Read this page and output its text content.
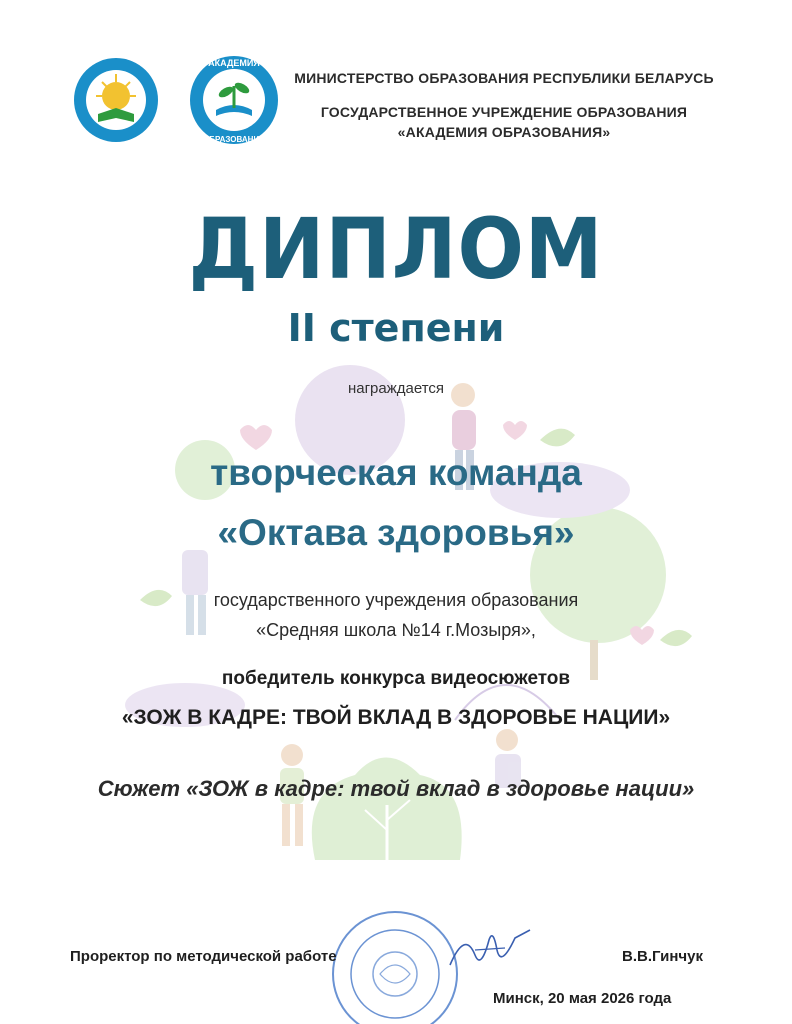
АКАДЕМИЯ
ОБРАЗОВАНИЯ
МИНИСТЕРСТВО ОБРАЗОВАНИЯ РЕСПУБЛИКИ БЕЛАРУСЬ
ГОСУДАРСТВЕННОЕ УЧРЕЖДЕНИЕ ОБРАЗОВАНИЯ
«АКАДЕМИЯ ОБРАЗОВАНИЯ»
ДИПЛОМ
II степени
награждается
творческая команда
«Октава здоровья»
государственного учреждения образования
«Средняя школа №14 г.Мозыря»,
победитель конкурса видеосюжетов
«ЗОЖ В КАДРЕ: ТВОЙ ВКЛАД В ЗДОРОВЬЕ НАЦИИ»
Сюжет «ЗОЖ в кадре: твой вклад в здоровье нации»
Проректор по методической работе	В.В.Гинчук
Минск, 20 мая 2026 года
